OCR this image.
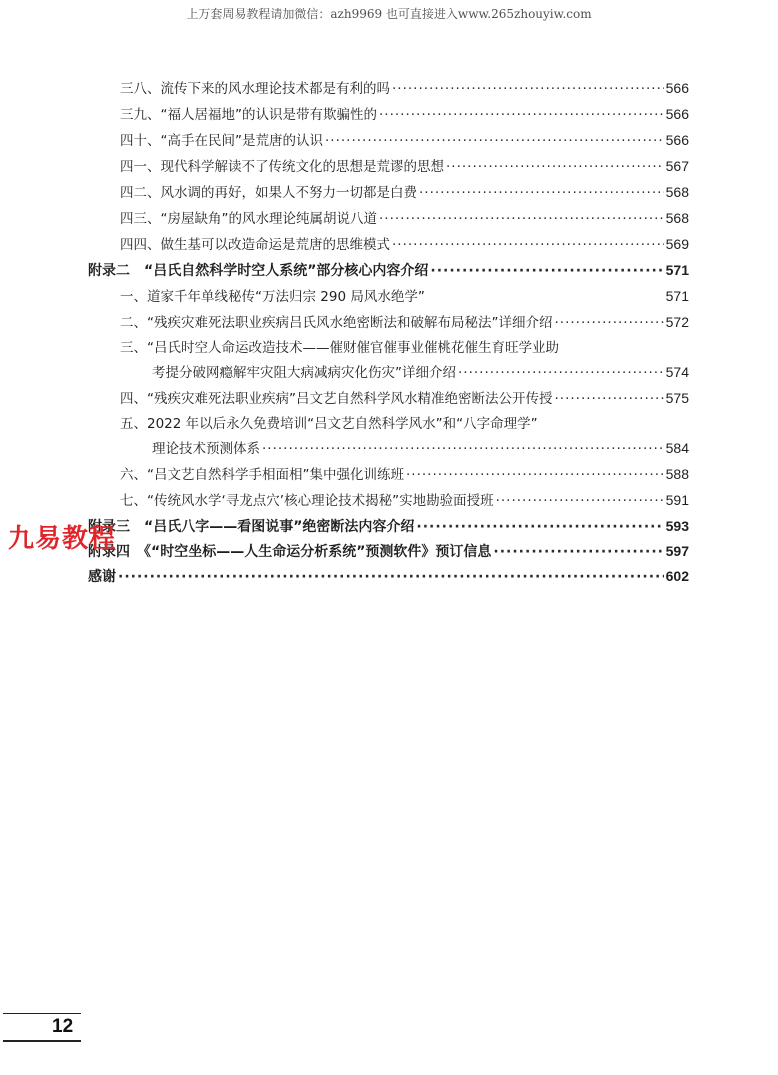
上万套周易教程请加微信：azh9969 也可直接进入www.265zhouyiw.com
三八、流传下来的风水理论技术都是有利的吗 ·····	566
三九、“福人居福地”的认识是带有欺骗性的 ·····	566
四十、“高手在民间”是荒唐的认识 ·····	566
四一、现代科学解读不了传统文化的思想是荒谬的思想 ·····	567
四二、风水调的再好，如果人不努力一切都是白费 ·····	568
四三、“房屋缺角”的风水理论纯属胡说八道 ·····	568
四四、做生基可以改造命运是荒唐的思维模式 ·····	569
附录二　“吕氏自然科学时空人系统”部分核心内容介绍 ·····	571
一、道家千年单线秘传“万法归宗 290 局风水绝学”	571
二、“残疾灾难死法职业疾病吕氏风水绝密断法和破解布局秘法”详细介绍 ·····	572
三、“吕氏时空人命运改造技术——催财催官催事业催桃花催生育旺学业助
考提分破网瘾解牢灾阻大病减病灾化伤灾”详细介绍 ·····	574
四、“残疾灾难死法职业疾病”吕文艺自然科学风水精准绝密断法公开传授 ·····	575
五、2022 年以后永久免费培训“吕文艺自然科学风水”和“八字命理学”
理论技术预测体系 ·····	584
六、“吕文艺自然科学手相面相”集中强化训练班 ·····	588
七、“传统风水学‘寻龙点穴’核心理论技术揭秘”实地勘验面授班 ·····	591
附录三　“吕氏八字——看图说事”绝密断法内容介绍 ·····	593
附录四　《“时空坐标——人生命运分析系统”预测软件》预订信息 ·····	597
感谢 ·····	602
九易教程
12
